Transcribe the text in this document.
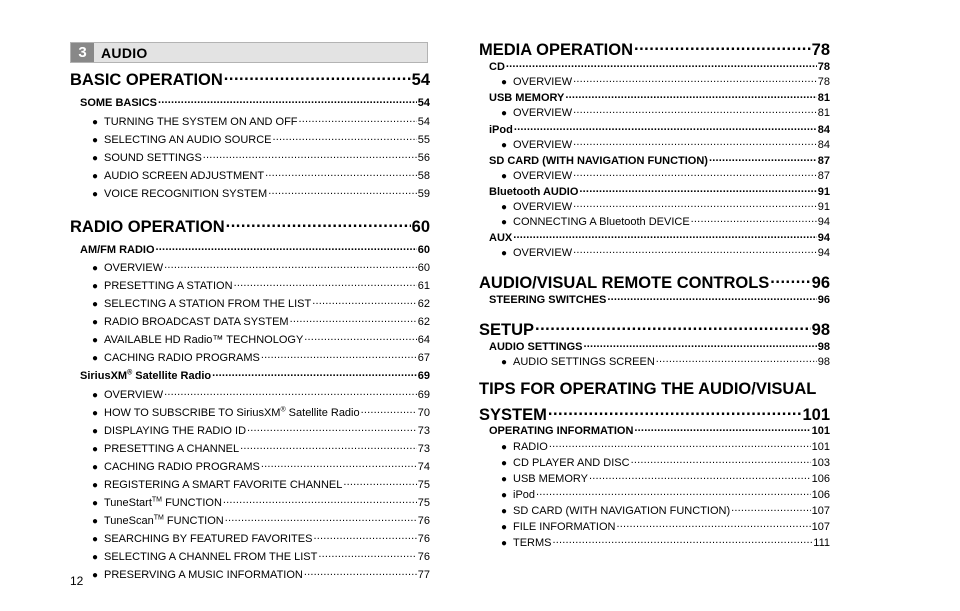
3	AUDIO
BASIC OPERATION .....	54
SOME BASICS .....	54
● TURNING THE SYSTEM ON AND OFF .....	54
● SELECTING AN AUDIO SOURCE .....	55
● SOUND SETTINGS .....	56
● AUDIO SCREEN ADJUSTMENT .....	58
● VOICE RECOGNITION SYSTEM .....	59
RADIO OPERATION .....	60
AM/FM RADIO .....	60
● OVERVIEW .....	60
● PRESETTING A STATION .....	61
● SELECTING A STATION FROM THE LIST .....	62
● RADIO BROADCAST DATA SYSTEM .....	62
● AVAILABLE HD Radio™ TECHNOLOGY .....	64
● CACHING RADIO PROGRAMS .....	67
SiriusXM® Satellite Radio .....	69
● OVERVIEW .....	69
● HOW TO SUBSCRIBE TO SiriusXM® Satellite Radio .....	70
● DISPLAYING THE RADIO ID .....	73
● PRESETTING A CHANNEL .....	73
● CACHING RADIO PROGRAMS .....	74
● REGISTERING A SMART FAVORITE CHANNEL .....	75
● TuneStart™ FUNCTION .....	75
● TuneScan™ FUNCTION .....	76
● SEARCHING BY FEATURED FAVORITES .....	76
● SELECTING A CHANNEL FROM THE LIST .....	76
● PRESERVING A MUSIC INFORMATION .....	77
MEDIA OPERATION .....	78
CD .....	78
● OVERVIEW .....	78
USB MEMORY .....	81
● OVERVIEW .....	81
iPod .....	84
● OVERVIEW .....	84
SD CARD (WITH NAVIGATION FUNCTION) .....	87
● OVERVIEW .....	87
Bluetooth AUDIO .....	91
● OVERVIEW .....	91
● CONNECTING A Bluetooth DEVICE .....	94
AUX .....	94
● OVERVIEW .....	94
AUDIO/VISUAL REMOTE CONTROLS .....	96
STEERING SWITCHES .....	96
SETUP .....	98
AUDIO SETTINGS .....	98
● AUDIO SETTINGS SCREEN .....	98
TIPS FOR OPERATING THE AUDIO/VISUAL
SYSTEM .....	101
OPERATING INFORMATION .....	101
● RADIO .....	101
● CD PLAYER AND DISC .....	103
● USB MEMORY .....	106
● iPod .....	106
● SD CARD (WITH NAVIGATION FUNCTION) .....	107
● FILE INFORMATION .....	107
● TERMS .....	111
12
